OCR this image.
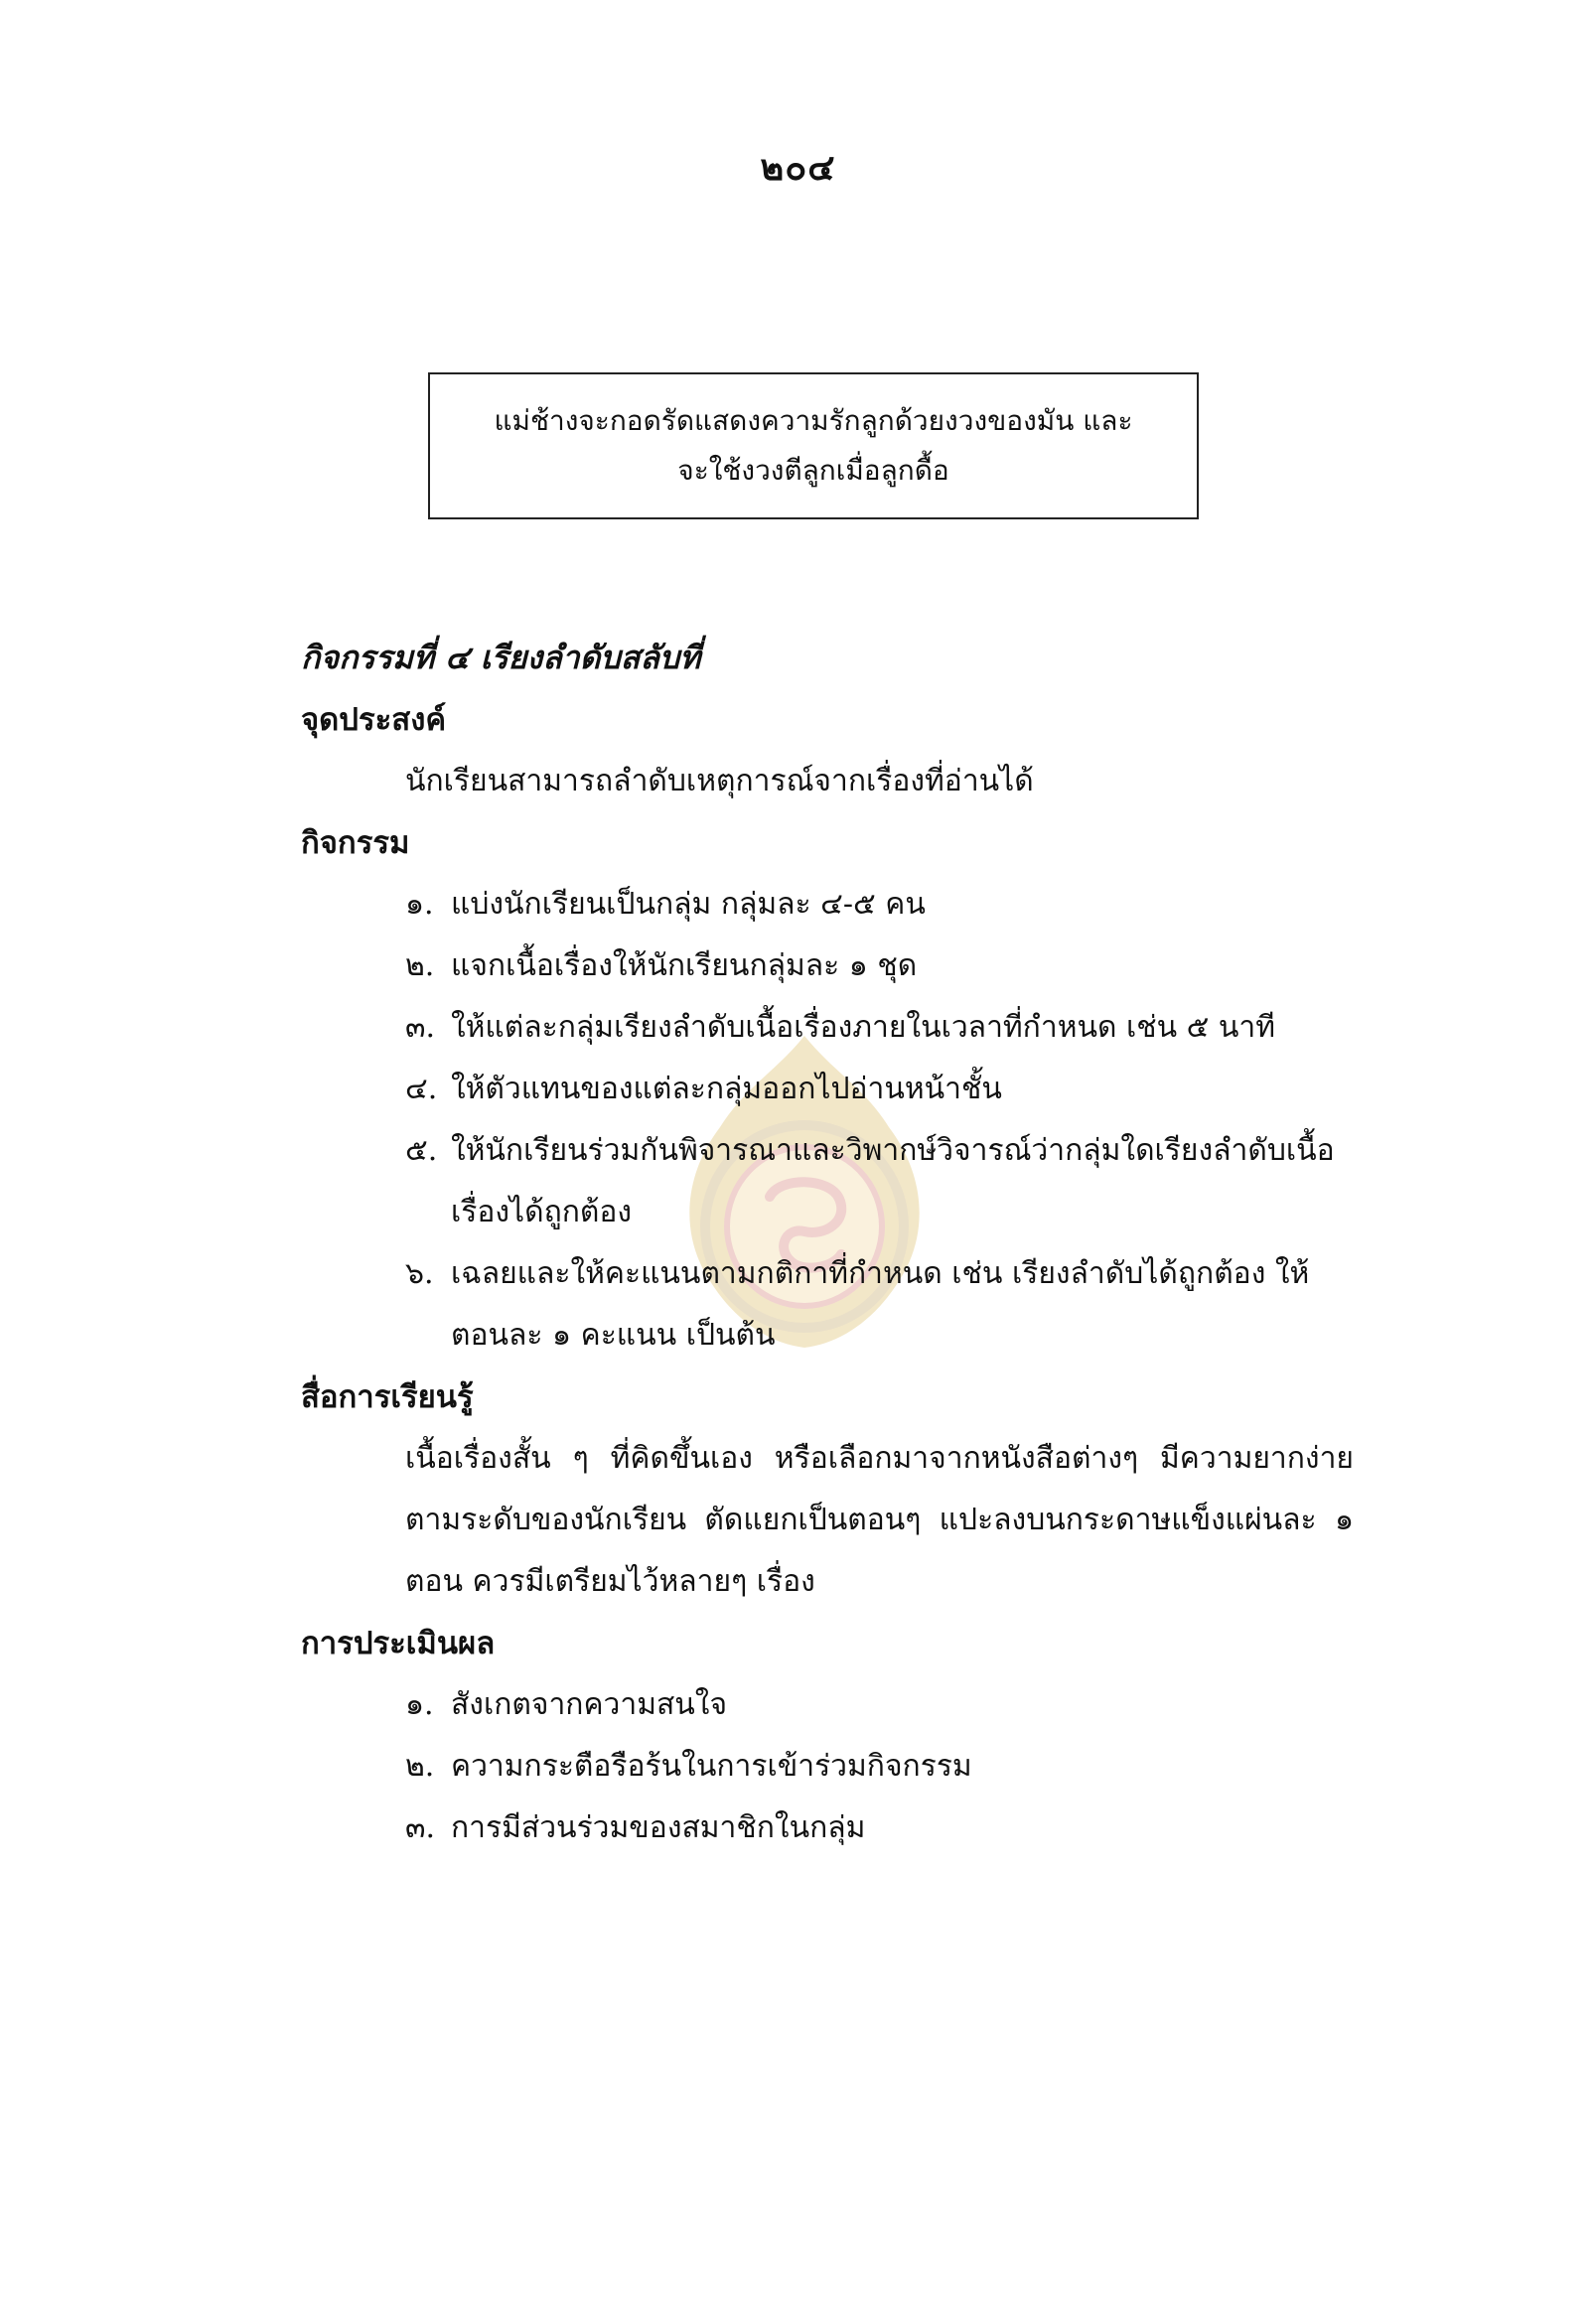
๒๐๔
แม่ช้างจะกอดรัดแสดงความรักลูกด้วยงวงของมัน และ
จะใช้งวงตีลูกเมื่อลูกดื้อ
กิจกรรมที่ ๔ เรียงลำดับสลับที่
จุดประสงค์
นักเรียนสามารถลำดับเหตุการณ์จากเรื่องที่อ่านได้
กิจกรรม
๑. แบ่งนักเรียนเป็นกลุ่ม กลุ่มละ ๔-๕ คน
๒. แจกเนื้อเรื่องให้นักเรียนกลุ่มละ ๑ ชุด
๓. ให้แต่ละกลุ่มเรียงลำดับเนื้อเรื่องภายในเวลาที่กำหนด เช่น ๕ นาที
๔. ให้ตัวแทนของแต่ละกลุ่มออกไปอ่านหน้าชั้น
๕. ให้นักเรียนร่วมกันพิจารณาและวิพากษ์วิจารณ์ว่ากลุ่มใดเรียงลำดับเนื้อเรื่องได้ถูกต้อง
๖. เฉลยและให้คะแนนตามกติกาที่กำหนด เช่น เรียงลำดับได้ถูกต้อง ให้ตอนละ ๑ คะแนน เป็นต้น
สื่อการเรียนรู้
เนื้อเรื่องสั้น ๆ ที่คิดขึ้นเอง หรือเลือกมาจากหนังสือต่างๆ มีความยากง่ายตามระดับของนักเรียน ตัดแยกเป็นตอนๆ แปะลงบนกระดาษแข็งแผ่นละ ๑ ตอน ควรมีเตรียมไว้หลายๆ เรื่อง
การประเมินผล
๑. สังเกตจากความสนใจ
๒. ความกระตือรือร้นในการเข้าร่วมกิจกรรม
๓. การมีส่วนร่วมของสมาชิกในกลุ่ม
